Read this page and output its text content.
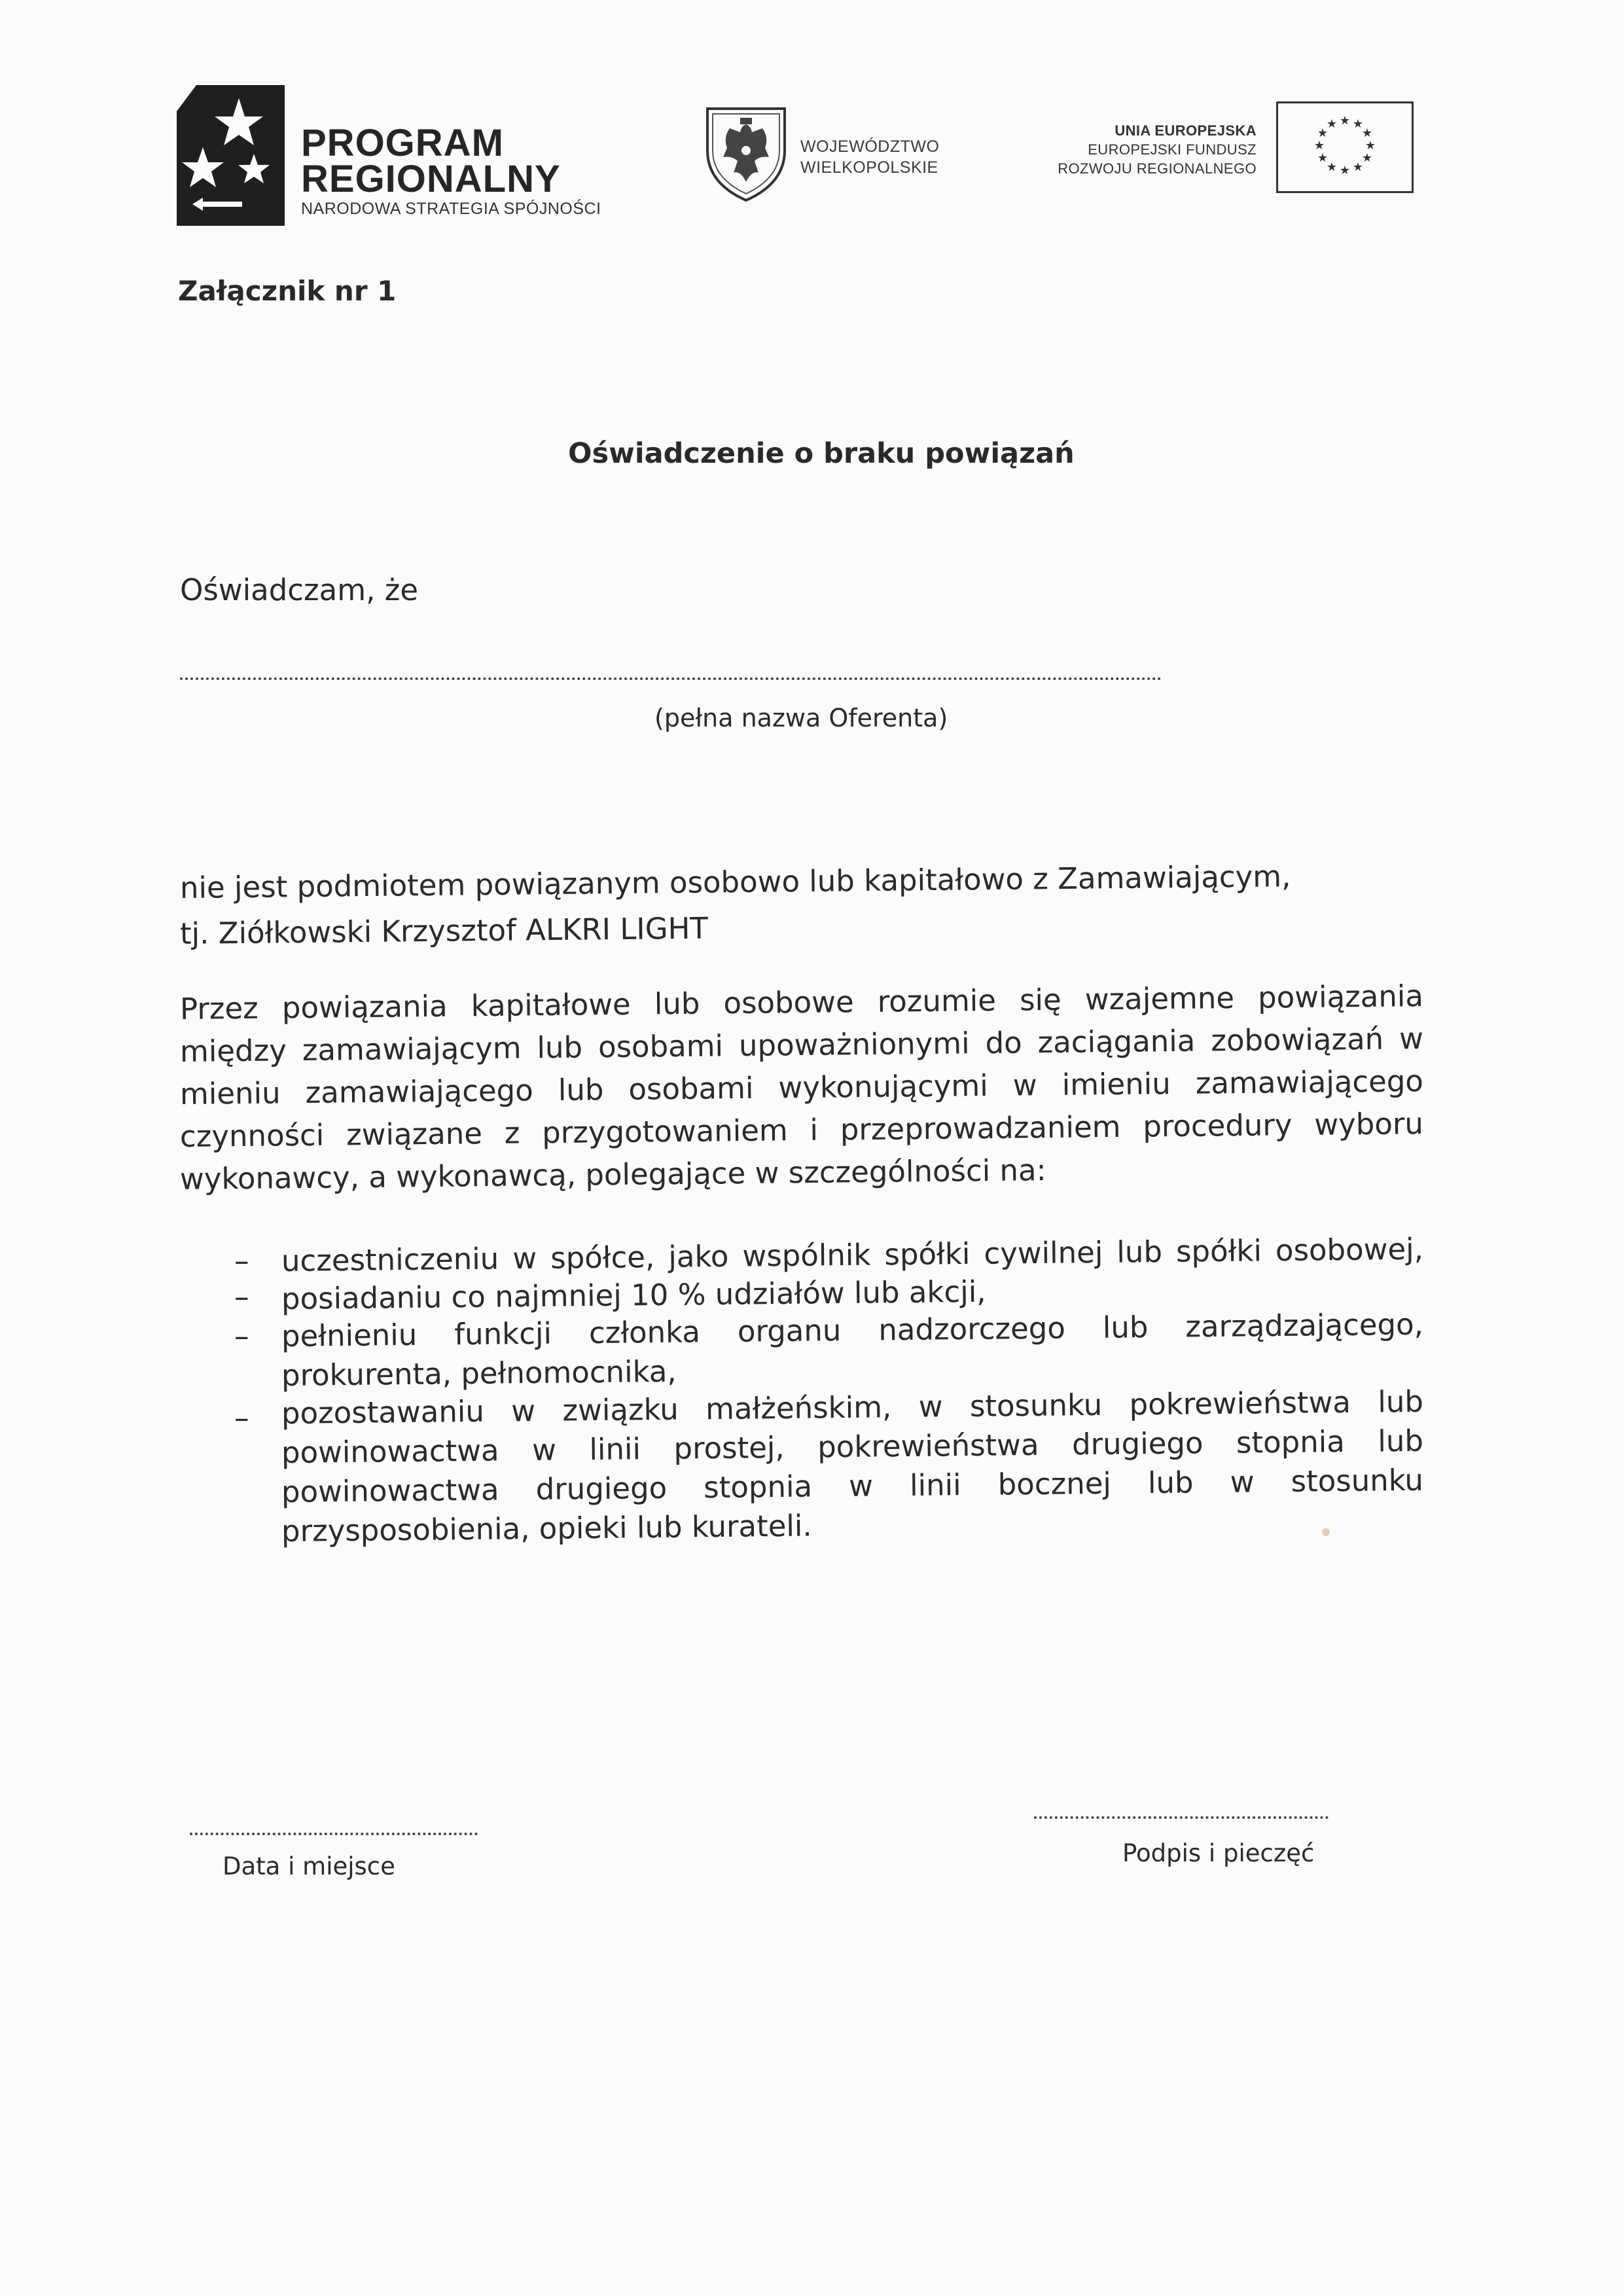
PROGRAM
REGIONALNY
NARODOWA STRATEGIA SPÓJNOŚCI
WOJEWÓDZTWO
WIELKOPOLSKIE
UNIA EUROPEJSKA
EUROPEJSKI FUNDUSZ
ROZWOJU REGIONALNEGO
★ ★
★
★
★
★
★
★
★
★
★
★
Załącznik nr 1
Oświadczenie o braku powiązań
Oświadczam, że
(pełna nazwa Oferenta)
nie jest podmiotem powiązanym osobowo lub kapitałowo z Zamawiającym,
tj. Ziółkowski Krzysztof ALKRI LIGHT
Przez powiązania kapitałowe lub osobowe rozumie się wzajemne powiązania
między zamawiającym lub osobami upoważnionymi do zaciągania zobowiązań w
mieniu zamawiającego lub osobami wykonującymi w imieniu zamawiającego
czynności związane z przygotowaniem i przeprowadzaniem procedury wyboru
wykonawcy, a wykonawcą, polegające w szczególności na:
– uczestniczeniu w spółce, jako wspólnik spółki cywilnej lub spółki osobowej,
– posiadaniu co najmniej 10 % udziałów lub akcji,
– pełnieniu funkcji członka organu nadzorczego lub zarządzającego,
prokurenta, pełnomocnika,
– pozostawaniu w związku małżeńskim, w stosunku pokrewieństwa lub
powinowactwa w linii prostej, pokrewieństwa drugiego stopnia lub
powinowactwa drugiego stopnia w linii bocznej lub w stosunku
przysposobienia, opieki lub kurateli.
Data i miejsce	Podpis i pieczęć
